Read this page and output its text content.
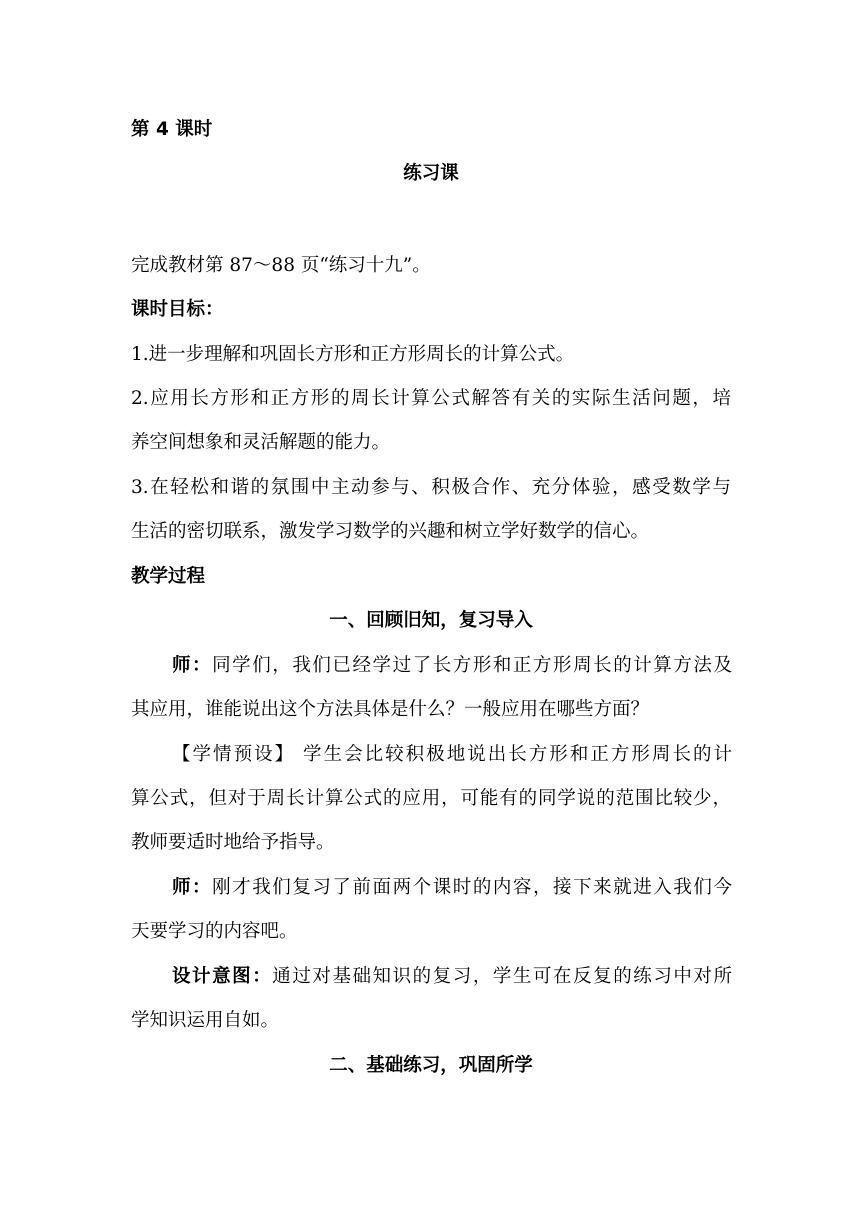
第 4 课时
练习课
完成教材第 87～88 页“练习十九”。
课时目标：
1.进一步理解和巩固长方形和正方形周长的计算公式。
2.应用长方形和正方形的周长计算公式解答有关的实际生活问题，培
养空间想象和灵活解题的能力。
3.在轻松和谐的氛围中主动参与、积极合作、充分体验，感受数学与
生活的密切联系，激发学习数学的兴趣和树立学好数学的信心。
教学过程
一、回顾旧知，复习导入
师：同学们，我们已经学过了长方形和正方形周长的计算方法及
其应用，谁能说出这个方法具体是什么？一般应用在哪些方面？
【学情预设】 学生会比较积极地说出长方形和正方形周长的计
算公式，但对于周长计算公式的应用，可能有的同学说的范围比较少，
教师要适时地给予指导。
师：刚才我们复习了前面两个课时的内容，接下来就进入我们今
天要学习的内容吧。
设计意图：通过对基础知识的复习，学生可在反复的练习中对所
学知识运用自如。
二、基础练习，巩固所学
